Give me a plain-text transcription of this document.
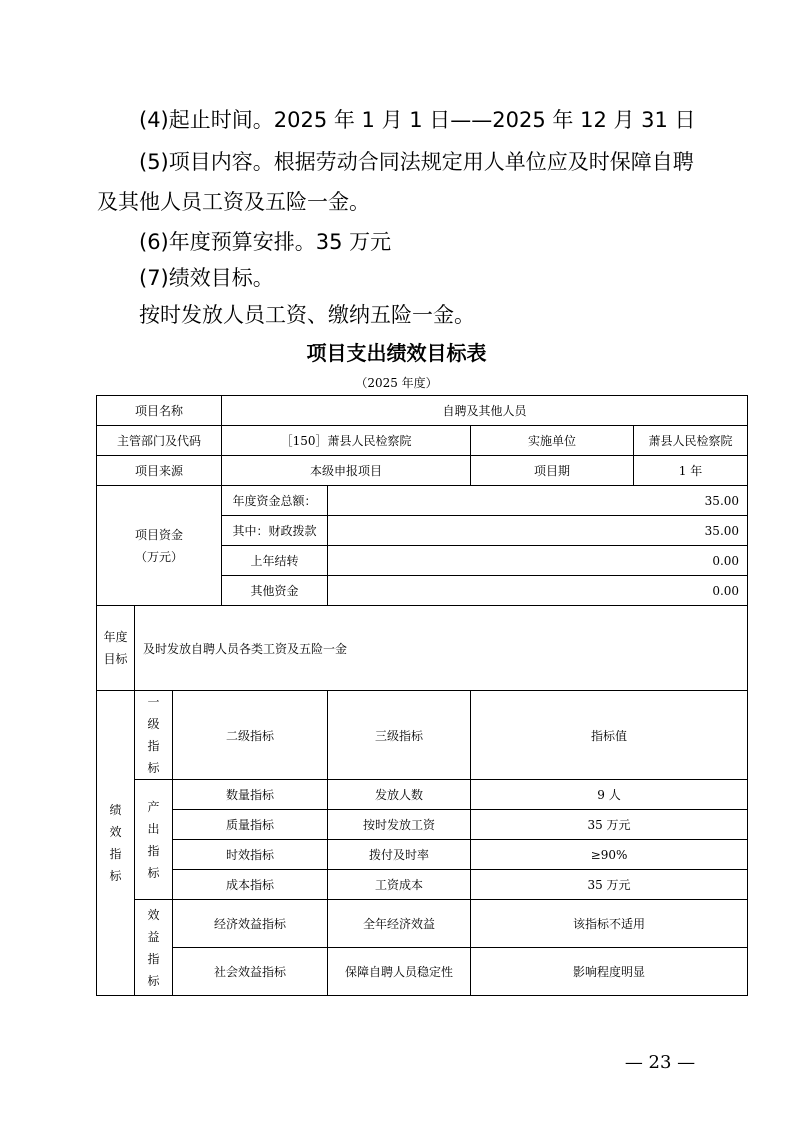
(4)起止时间。2025 年 1 月 1 日——2025 年 12 月 31 日

(5)项目内容。根据劳动合同法规定用人单位应及时保障自聘及其他人员工资及五险一金。

(6)年度预算安排。35 万元

(7)绩效目标。

按时发放人员工资、缴纳五险一金。

项目支出绩效目标表
（2025 年度）
项目名称			自聘及其他人员			
主管部门及代码			［150］萧县人民检察院		实施单位	萧县人民检察院
项目来源			本级申报项目		项目期	1 年
项目资金
（万元）			年度资金总额：	35.00		
			其中：财政拨款	35.00		
			上年结转	0.00		
			其他资金	0.00		

年度目标	及时发放自聘人员各类工资及五险一金					

绩效指标	一级指标	二级指标		三级指标	指标值	

	产出指标	数量指标		发放人数	9 人	
		质量指标		按时发放工资	35 万元	
		时效指标		拨付及时率	≥90%	
		成本指标		工资成本	35 万元	

	效益指标	经济效益指标		全年经济效益	该指标不适用	
		社会效益指标		保障自聘人员稳定性	影响程度明显	
— 23 —
